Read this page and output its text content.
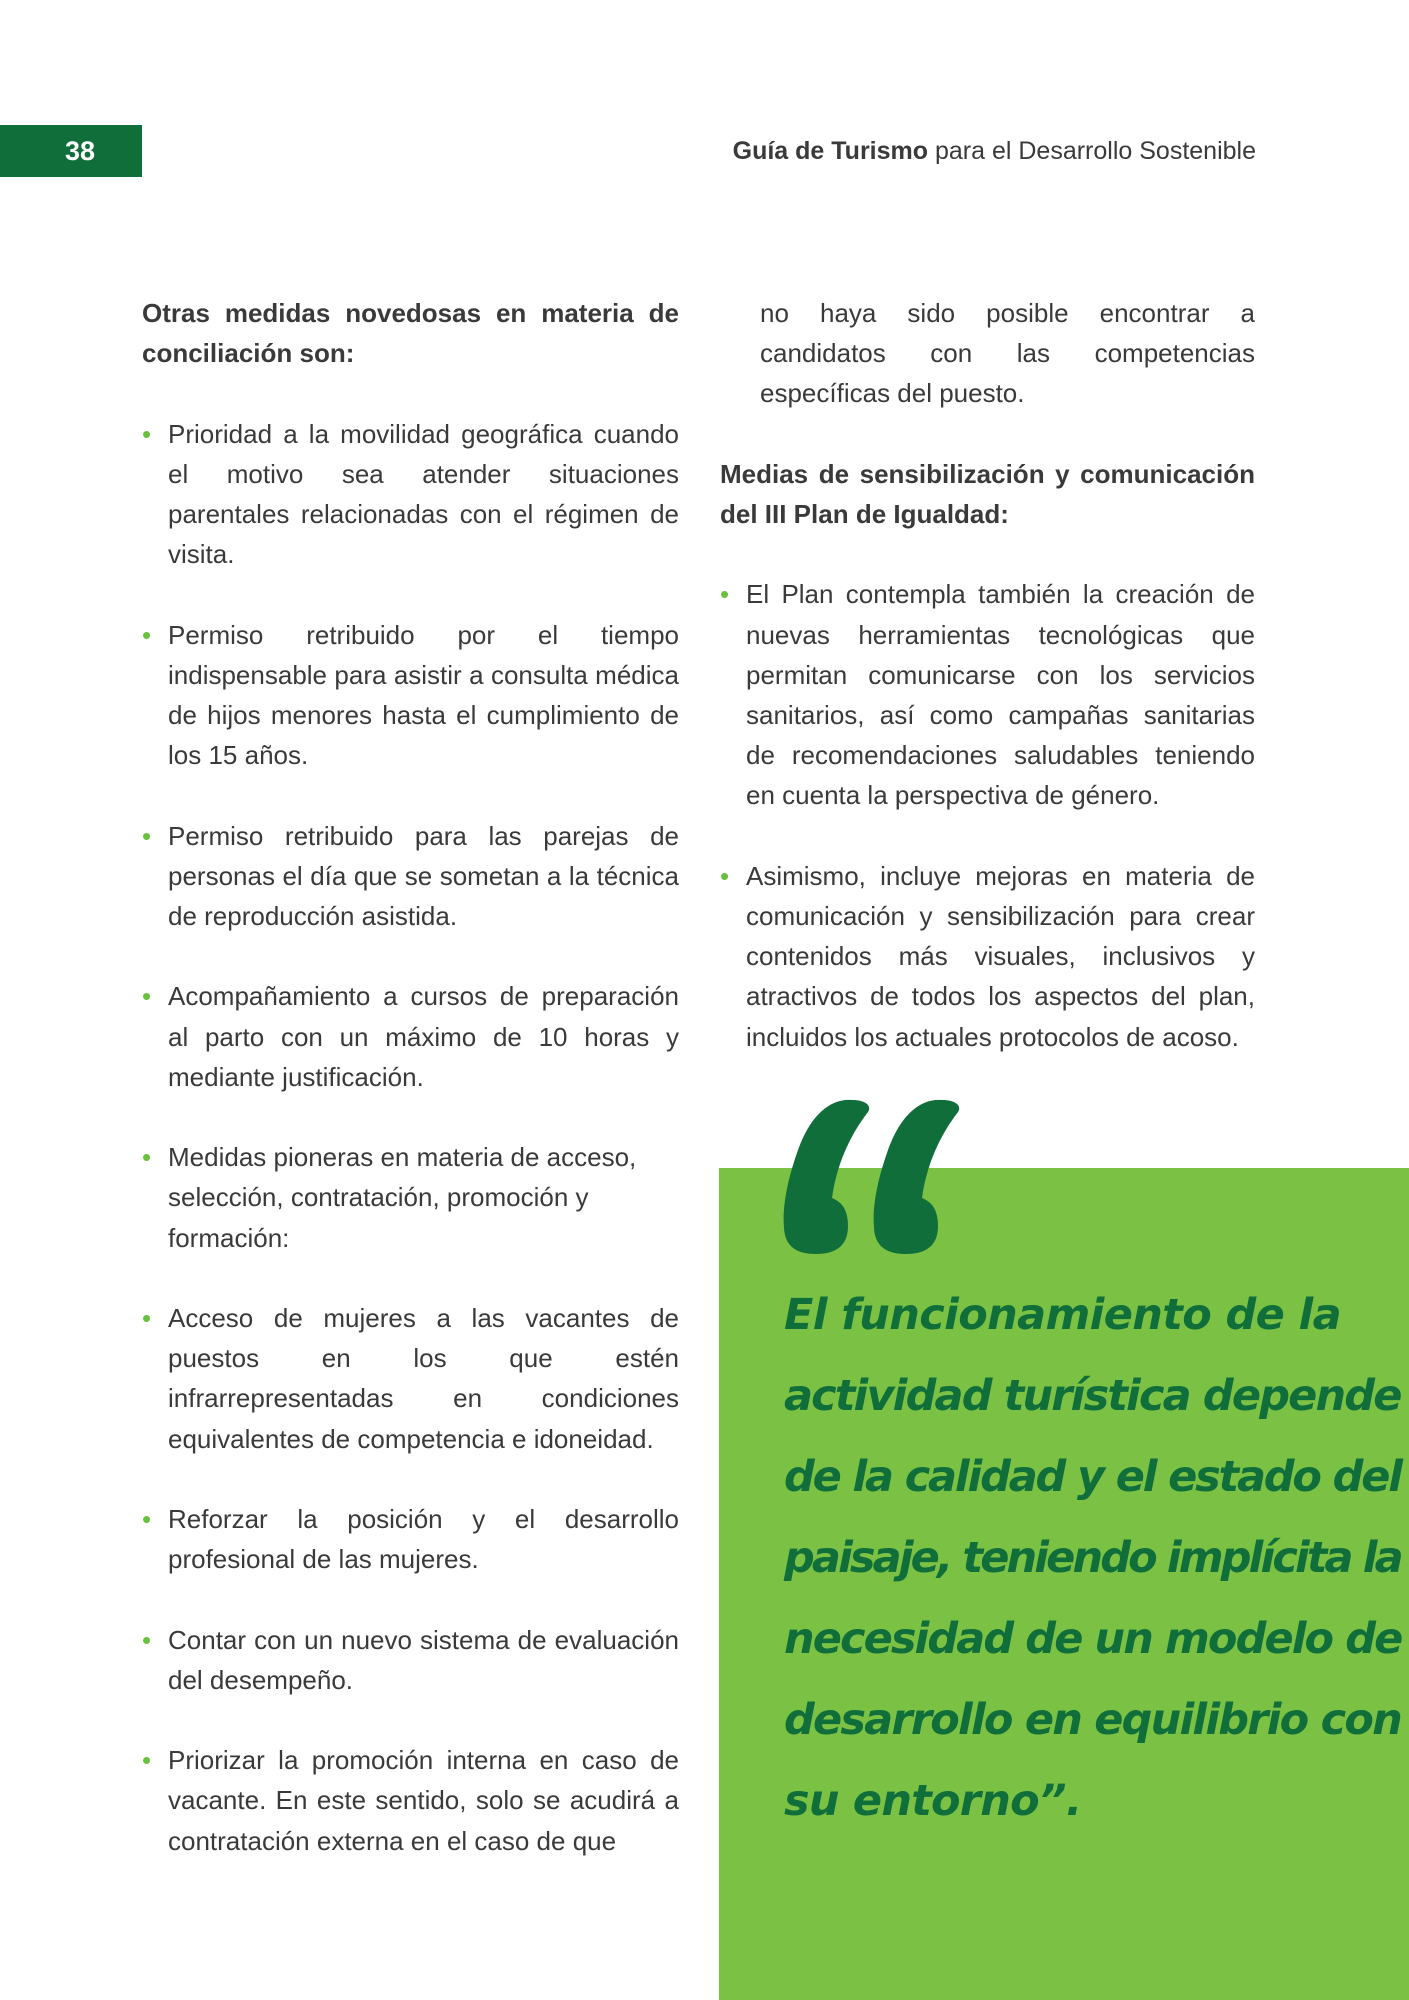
38	Guía de Turismo para el Desarrollo Sostenible

Otras medidas novedosas en materia de conciliación son:

• Prioridad a la movilidad geográfica cuando el motivo sea atender situaciones parentales relacionadas con el régimen de visita.

• Permiso retribuido por el tiempo indispensable para asistir a consulta médica de hijos menores hasta el cumplimiento de los 15 años.

• Permiso retribuido para las parejas de personas el día que se sometan a la técnica de reproducción asistida.

• Acompañamiento a cursos de preparación al parto con un máximo de 10 horas y mediante justificación.

• Medidas pioneras en materia de acceso, selección, contratación, promoción y formación:

• Acceso de mujeres a las vacantes de puestos en los que estén infrarrepresentadas en condiciones equivalentes de competencia e idoneidad.

• Reforzar la posición y el desarrollo profesional de las mujeres.

• Contar con un nuevo sistema de evaluación del desempeño.

• Priorizar la promoción interna en caso de vacante. En este sentido, solo se acudirá a contratación externa en el caso de que

no haya sido posible encontrar a candidatos con las competencias específicas del puesto.

Medias de sensibilización y comunicación del III Plan de Igualdad:

• El Plan contempla también la creación de nuevas herramientas tecnológicas que permitan comunicarse con los servicios sanitarios, así como campañas sanitarias de recomendaciones saludables teniendo en cuenta la perspectiva de género.

• Asimismo, incluye mejoras en materia de comunicación y sensibilización para crear contenidos más visuales, inclusivos y atractivos de todos los aspectos del plan, incluidos los actuales protocolos de acoso.

El funcionamiento de la
actividad turística depende
de la calidad y el estado del
paisaje, teniendo implícita la
necesidad de un modelo de
desarrollo en equilibrio con
su entorno”.
